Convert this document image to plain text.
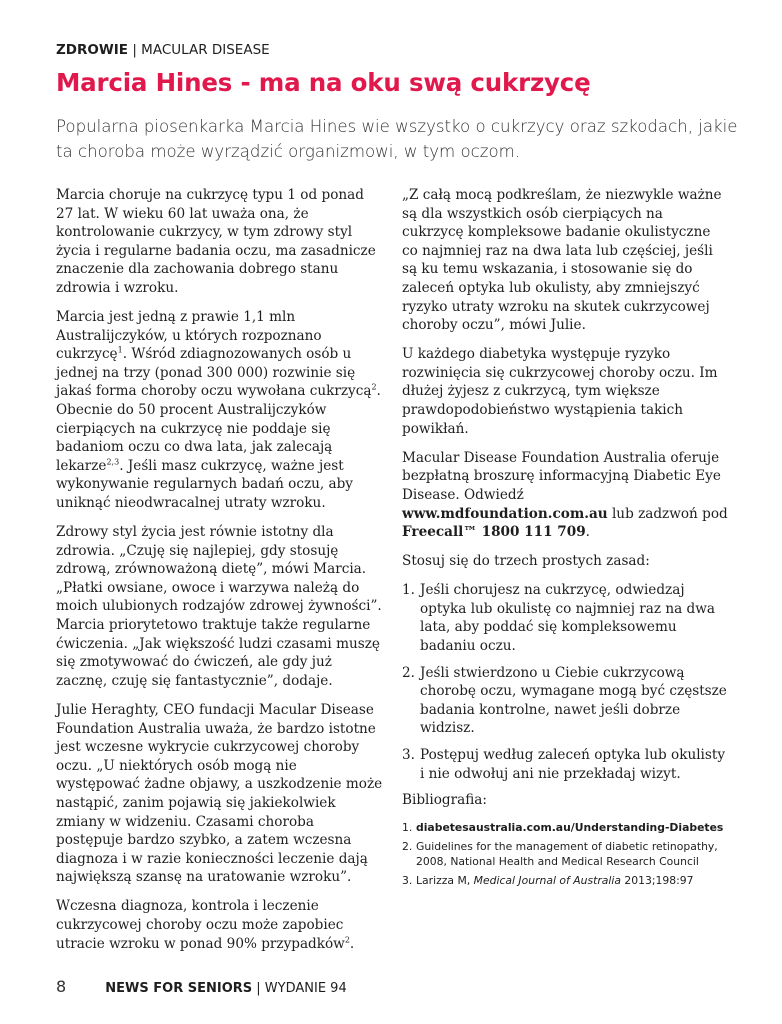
ZDROWIE | MACULAR DISEASE
Marcia Hines - ma na oku swą cukrzycę

Popularna piosenkarka Marcia Hines wie wszystko o cukrzycy oraz szkodach, jakie ta choroba może wyrządzić organizmowi, w tym oczom.

Marcia choruje na cukrzycę typu 1 od ponad 27 lat. W wieku 60 lat uważa ona, że kontrolowanie cukrzycy, w tym zdrowy styl życia i regularne badania oczu, ma zasadnicze znaczenie dla zachowania dobrego stanu zdrowia i wzroku.

Marcia jest jedną z prawie 1,1 mln Australijczyków, u których rozpoznano cukrzycę$^1$. Wśród zdiagnozowanych osób u jednej na trzy (ponad 300 000) rozwinie się jakaś forma choroby oczu wywołana cukrzycą$^2$. Obecnie do 50 procent Australijczyków cierpiących na cukrzycę nie poddaje się badaniom oczu co dwa lata, jak zalecają lekarze$^{2,3}$. Jeśli masz cukrzycę, ważne jest wykonywanie regularnych badań oczu, aby uniknąć nieodwracalnej utraty wzroku.

Zdrowy styl życia jest równie istotny dla zdrowia. „Czuję się najlepiej, gdy stosuję zdrową, zrównoważoną dietę”, mówi Marcia. „Płatki owsiane, owoce i warzywa należą do moich ulubionych rodzajów zdrowej żywności”. Marcia priorytetowo traktuje także regularne ćwiczenia. „Jak większość ludzi czasami muszę się zmotywować do ćwiczeń, ale gdy już zacznę, czuję się fantastycznie”, dodaje.

Julie Heraghty, CEO fundacji Macular Disease Foundation Australia uważa, że bardzo istotne jest wczesne wykrycie cukrzycowej choroby oczu. „U niektórych osób mogą nie występować żadne objawy, a uszkodzenie może nastąpić, zanim pojawią się jakiekolwiek zmiany w widzeniu. Czasami choroba postępuje bardzo szybko, a zatem wczesna diagnoza i w razie konieczności leczenie dają największą szansę na uratowanie wzroku”.

Wczesna diagnoza, kontrola i leczenie cukrzycowej choroby oczu może zapobiec utracie wzroku w ponad 90% przypadków$^2$.

„Z całą mocą podkreślam, że niezwykle ważne są dla wszystkich osób cierpiących na cukrzycę kompleksowe badanie okulistyczne co najmniej raz na dwa lata lub częściej, jeśli są ku temu wskazania, i stosowanie się do zaleceń optyka lub okulisty, aby zmniejszyć ryzyko utraty wzroku na skutek cukrzycowej choroby oczu”, mówi Julie.

U każdego diabetyka występuje ryzyko rozwinięcia się cukrzycowej choroby oczu. Im dłużej żyjesz z cukrzycą, tym większe prawdopodobieństwo wystąpienia takich powikłań.

Macular Disease Foundation Australia oferuje bezpłatną broszurę informacyjną Diabetic Eye Disease. Odwiedź www.mdfoundation.com.au lub zadzwoń pod Freecall™ 1800 111 709.

Stosuj się do trzech prostych zasad:

1. Jeśli chorujesz na cukrzycę, odwiedzaj optyka lub okulistę co najmniej raz na dwa lata, aby poddać się kompleksowemu badaniu oczu.
2. Jeśli stwierdzono u Ciebie cukrzycową chorobę oczu, wymagane mogą być częstsze badania kontrolne, nawet jeśli dobrze widzisz.
3. Postępuj według zaleceń optyka lub okulisty i nie odwołuj ani nie przekładaj wizyt.

Bibliografia:

1. diabetesaustralia.com.au/Understanding-Diabetes
2. Guidelines for the management of diabetic retinopathy, 2008, National Health and Medical Research Council
3. Larizza M, Medical Journal of Australia 2013;198:97
8	NEWS FOR SENIORS | WYDANIE 94
